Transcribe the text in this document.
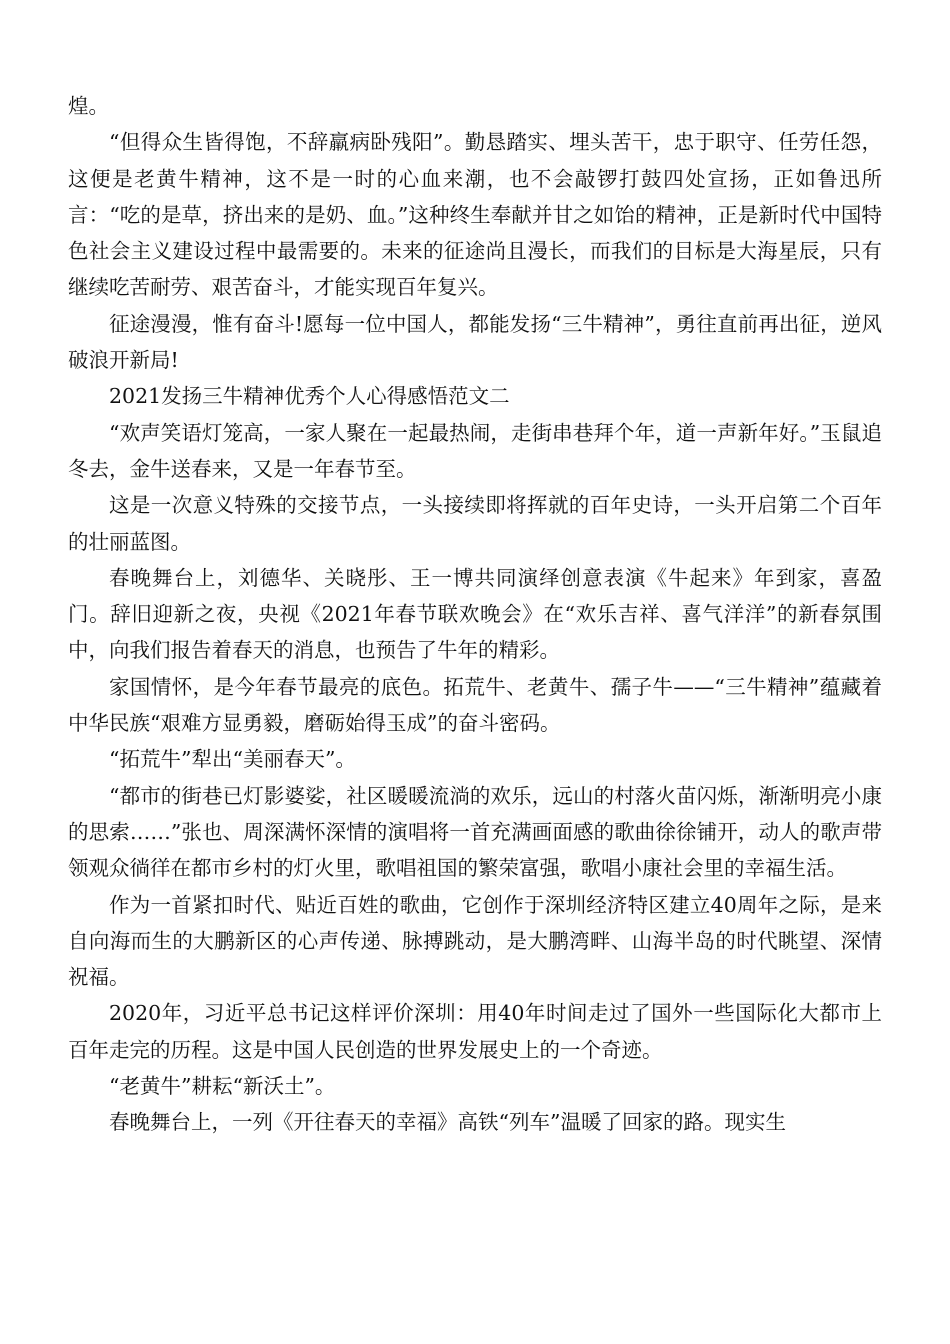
煌。

“但得众生皆得饱，不辞羸病卧残阳”。勤恳踏实、埋头苦干，忠于职守、任劳任怨，这便是老黄牛精神，这不是一时的心血来潮，也不会敲锣打鼓四处宣扬，正如鲁迅所言：“吃的是草，挤出来的是奶、血。”这种终生奉献并甘之如饴的精神，正是新时代中国特色社会主义建设过程中最需要的。未来的征途尚且漫长，而我们的目标是大海星辰，只有继续吃苦耐劳、艰苦奋斗，才能实现百年复兴。

征途漫漫，惟有奋斗!愿每一位中国人，都能发扬“三牛精神”，勇往直前再出征，逆风破浪开新局!

2021发扬三牛精神优秀个人心得感悟范文二

“欢声笑语灯笼高，一家人聚在一起最热闹，走街串巷拜个年，道一声新年好。”玉鼠追冬去，金牛送春来，又是一年春节至。

这是一次意义特殊的交接节点，一头接续即将挥就的百年史诗，一头开启第二个百年的壮丽蓝图。

春晚舞台上，刘德华、关晓彤、王一博共同演绎创意表演《牛起来》年到家，喜盈门。辞旧迎新之夜，央视《2021年春节联欢晚会》在“欢乐吉祥、喜气洋洋”的新春氛围中，向我们报告着春天的消息，也预告了牛年的精彩。

家国情怀，是今年春节最亮的底色。拓荒牛、老黄牛、孺子牛——“三牛精神”蕴藏着中华民族“艰难方显勇毅，磨砺始得玉成”的奋斗密码。

“拓荒牛”犁出“美丽春天”。

“都市的街巷已灯影婆娑，社区暖暖流淌的欢乐，远山的村落火苗闪烁，渐渐明亮小康的思索……”张也、周深满怀深情的演唱将一首充满画面感的歌曲徐徐铺开，动人的歌声带领观众徜徉在都市乡村的灯火里，歌唱祖国的繁荣富强，歌唱小康社会里的幸福生活。

作为一首紧扣时代、贴近百姓的歌曲，它创作于深圳经济特区建立40周年之际，是来自向海而生的大鹏新区的心声传递、脉搏跳动，是大鹏湾畔、山海半岛的时代眺望、深情祝福。

2020年，习近平总书记这样评价深圳：用40年时间走过了国外一些国际化大都市上百年走完的历程。这是中国人民创造的世界发展史上的一个奇迹。

“老黄牛”耕耘“新沃土”。

春晚舞台上，一列《开往春天的幸福》高铁“列车”温暖了回家的路。现实生
